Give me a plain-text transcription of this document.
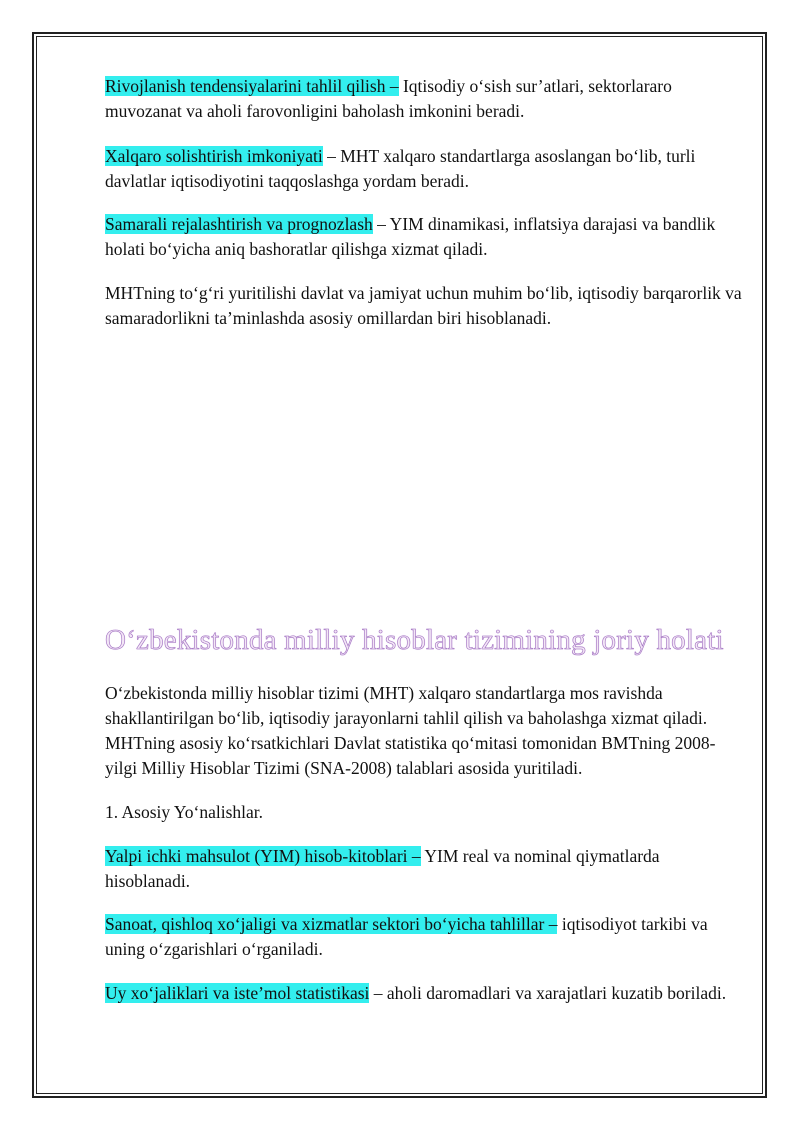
Rivojlanish tendensiyalarini tahlil qilish – Iqtisodiy o‘sish sur’atlari, sektorlararo muvozanat va aholi farovonligini baholash imkonini beradi.

Xalqaro solishtirish imkoniyati – MHT xalqaro standartlarga asoslangan bo‘lib, turli davlatlar iqtisodiyotini taqqoslashga yordam beradi.

Samarali rejalashtirish va prognozlash – YIM dinamikasi, inflatsiya darajasi va bandlik holati bo‘yicha aniq bashoratlar qilishga xizmat qiladi.

MHTning to‘g‘ri yuritilishi davlat va jamiyat uchun muhim bo‘lib, iqtisodiy barqarorlik va samaradorlikni ta’minlashda asosiy omillardan biri hisoblanadi.

O‘zbekistonda milliy hisoblar tizimining joriy holati

O‘zbekistonda milliy hisoblar tizimi (MHT) xalqaro standartlarga mos ravishda shakllantirilgan bo‘lib, iqtisodiy jarayonlarni tahlil qilish va baholashga xizmat qiladi. MHTning asosiy ko‘rsatkichlari Davlat statistika qo‘mitasi tomonidan BMTning 2008-yilgi Milliy Hisoblar Tizimi (SNA-2008) talablari asosida yuritiladi.

1. Asosiy Yo‘nalishlar.

Yalpi ichki mahsulot (YIM) hisob-kitoblari – YIM real va nominal qiymatlarda hisoblanadi.

Sanoat, qishloq xo‘jaligi va xizmatlar sektori bo‘yicha tahlillar – iqtisodiyot tarkibi va uning o‘zgarishlari o‘rganiladi.

Uy xo‘jaliklari va iste’mol statistikasi – aholi daromadlari va xarajatlari kuzatib boriladi.
